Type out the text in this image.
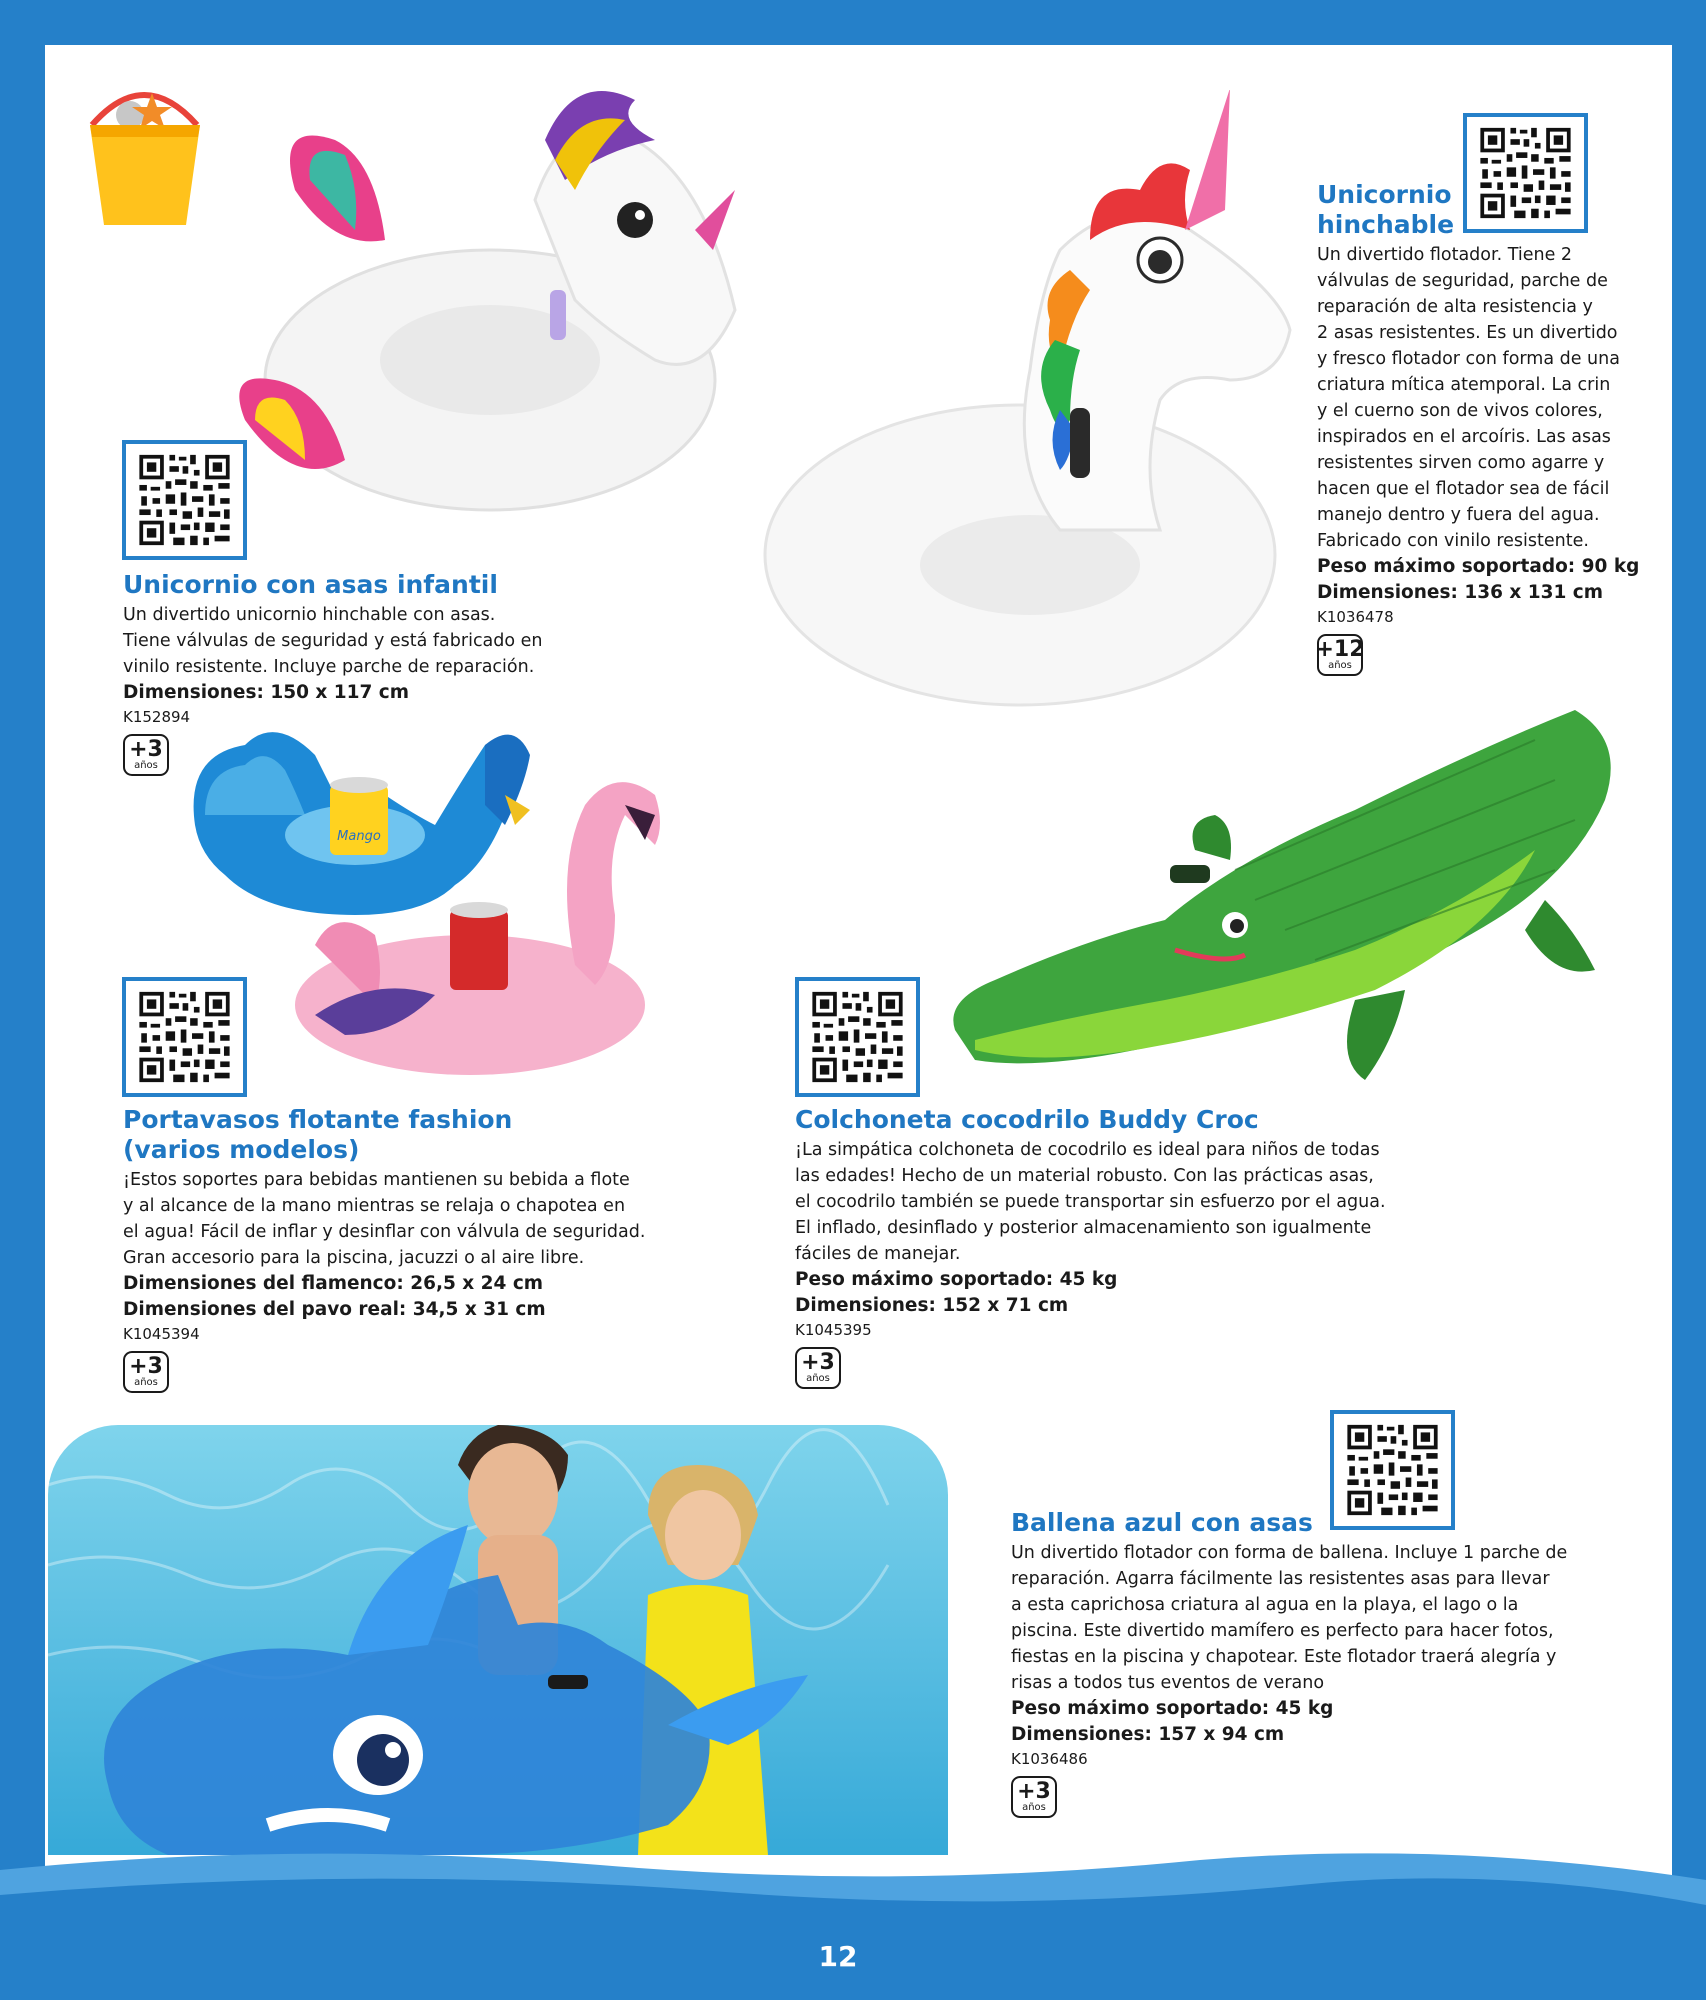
Unicornio con asas infantil
Un divertido unicornio hinchable con asas.
Tiene válvulas de seguridad y está fabricado en
vinilo resistente. Incluye parche de reparación.
Dimensiones: 150 x 117 cm
K152894
+3
años
Unicornio
hinchable
Un divertido flotador. Tiene 2
válvulas de seguridad, parche de
reparación de alta resistencia y
2 asas resistentes. Es un divertido
y fresco flotador con forma de una
criatura mítica atemporal. La crin
y el cuerno son de vivos colores,
inspirados en el arcoíris. Las asas
resistentes sirven como agarre y
hacen que el flotador sea de fácil
manejo dentro y fuera del agua.
Fabricado con vinilo resistente.
Peso máximo soportado: 90 kg
Dimensiones: 136 x 131 cm
K1036478
+12
años
Mango
Portavasos flotante fashion
(varios modelos)
¡Estos soportes para bebidas mantienen su bebida a flote
y al alcance de la mano mientras se relaja o chapotea en
el agua! Fácil de inflar y desinflar con válvula de seguridad.
Gran accesorio para la piscina, jacuzzi o al aire libre.
Dimensiones del flamenco: 26,5 x 24 cm
Dimensiones del pavo real: 34,5 x 31 cm
K1045394
+3
años
Colchoneta cocodrilo Buddy Croc
¡La simpática colchoneta de cocodrilo es ideal para niños de todas
las edades! Hecho de un material robusto. Con las prácticas asas,
el cocodrilo también se puede transportar sin esfuerzo por el agua.
El inflado, desinflado y posterior almacenamiento son igualmente
fáciles de manejar.
Peso máximo soportado: 45 kg
Dimensiones: 152 x 71 cm
K1045395
+3
años
Ballena azul con asas
Un divertido flotador con forma de ballena. Incluye 1 parche de
reparación. Agarra fácilmente las resistentes asas para llevar
a esta caprichosa criatura al agua en la playa, el lago o la
piscina. Este divertido mamífero es perfecto para hacer fotos,
fiestas en la piscina y chapotear. Este flotador traerá alegría y
risas a todos tus eventos de verano
Peso máximo soportado: 45 kg
Dimensiones: 157 x 94 cm
K1036486
+3
años
12
